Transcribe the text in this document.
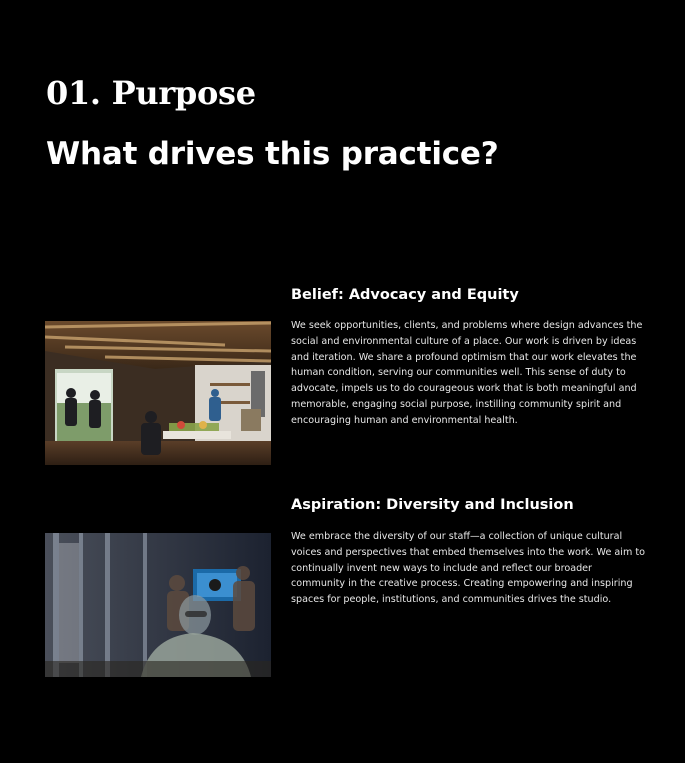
01. Purpose
What drives this practice?
Belief: Advocacy and Equity

We seek opportunities, clients, and problems where design advances the social and environmental culture of a place. Our work is driven by ideas and iteration. We share a profound optimism that our work elevates the human condition, serving our communities well. This sense of duty to advocate, impels us to do courageous work that is both meaningful and memorable, engaging social purpose, instilling community spirit and encouraging human and environmental health.

Aspiration: Diversity and Inclusion

We embrace the diversity of our staff—a collection of unique cultural voices and perspectives that embed themselves into the work. We aim to continually invent new ways to include and reflect our broader community in the creative process. Creating empowering and inspiring spaces for people, institutions, and communities drives the studio.
